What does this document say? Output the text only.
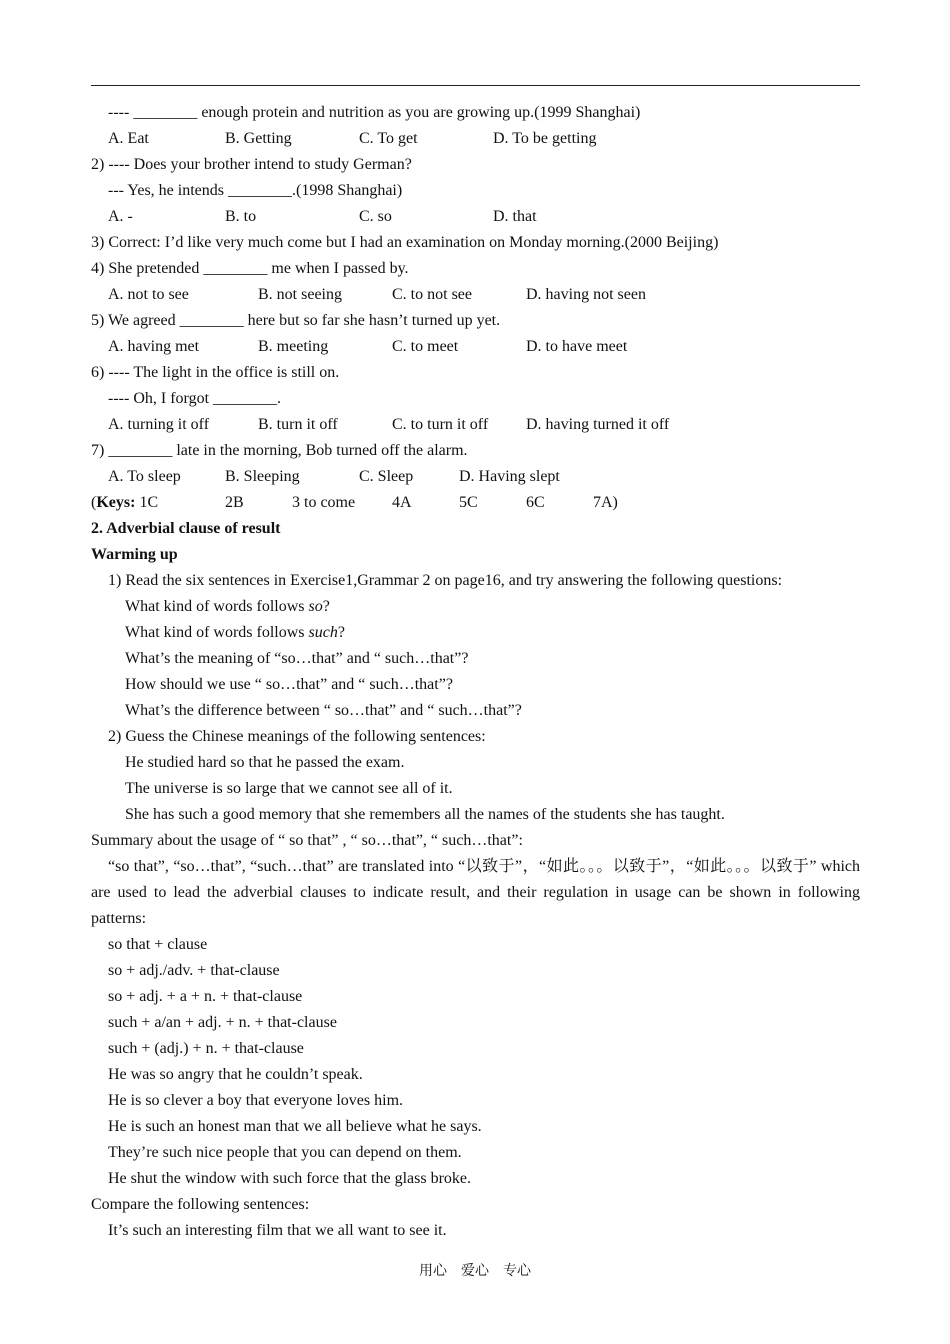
---- ________ enough protein and nutrition as you are growing up.(1999 Shanghai)
A. Eat	B. Getting	C. To get	D. To be getting
2) ---- Does your brother intend to study German?
--- Yes, he intends ________.(1998 Shanghai)
A. -	B. to	C. so	D. that
3) Correct: I’d like very much come but I had an examination on Monday morning.(2000 Beijing)
4) She pretended ________ me when I passed by.
A. not to see	B. not seeing	C. to not see	D. having not seen
5) We agreed ________ here but so far she hasn’t turned up yet.
A. having met	B. meeting	C. to meet	D. to have meet
6) ---- The light in the office is still on.
---- Oh, I forgot ________.
A. turning it off	B. turn it off	C. to turn it off D. having turned it off
7) ________ late in the morning, Bob turned off the alarm.
A. To sleep	B. Sleeping	C. Sleep	D. Having slept
(Keys: 1C	2B	3 to come 4A	5C	6C	7A)
2. Adverbial clause of result
Warming up
1) Read the six sentences in Exercise1,Grammar 2 on page16, and try answering the following questions:
What kind of words follows so?
What kind of words follows such?
What’s the meaning of “so…that” and “ such…that”?
How should we use “ so…that” and “ such…that”?
What’s the difference between “ so…that” and “ such…that”?
2) Guess the Chinese meanings of the following sentences:
He studied hard so that he passed the exam.
The universe is so large that we cannot see all of it.
She has such a good memory that she remembers all the names of the students she has taught.
Summary about the usage of “ so that” , “ so…that”, “ such…that”:
“so that”, “so…that”, “such…that” are translated into “以致于”，“如此。。。以致于”，“如此。。。以致于” which are used to lead the adverbial clauses to indicate result, and their regulation in usage can be shown in following patterns:
so that + clause
so + adj./adv. + that-clause
so + adj. + a + n. + that-clause
such + a/an + adj. + n. + that-clause
such + (adj.) + n. + that-clause
He was so angry that he couldn’t speak.
He is so clever a boy that everyone loves him.
He is such an honest man that we all believe what he says.
They’re such nice people that you can depend on them.
He shut the window with such force that the glass broke.
Compare the following sentences:
It’s such an interesting film that we all want to see it.
用心　爱心　专心
